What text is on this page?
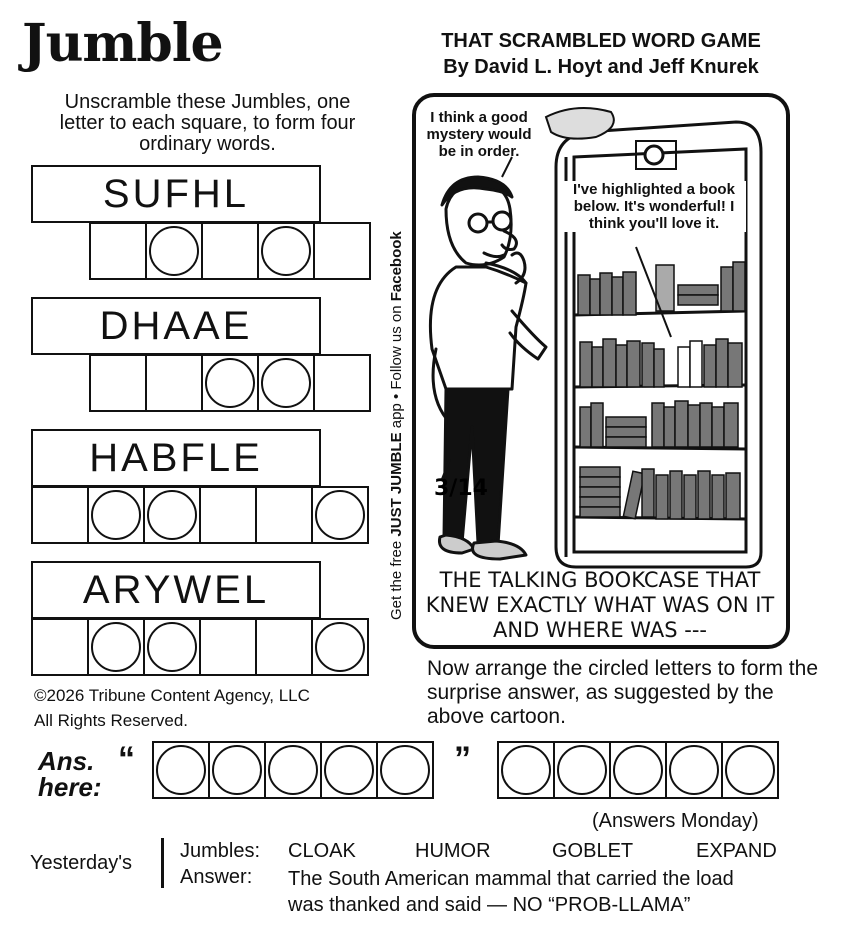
Jumble	THAT SCRAMBLED WORD GAME
By David L. Hoyt and Jeff Knurek
Unscramble these Jumbles, one letter to each square, to form four ordinary words.
SUFHL
DHAAE
HABFLE
ARYWEL	Get the free JUST JUMBLE app • Follow us on Facebook
3/14
I think a good mystery would be in order.
I've highlighted a book below. It's wonderful! I think you'll love it.
THE TALKING BOOKCASE THAT KNEW EXACTLY WHAT WAS ON IT AND WHERE WAS ---
©2026 Tribune Content Agency, LLC
All Rights Reserved.
Now arrange the circled letters to form the surprise answer, as suggested by the above cartoon.
Ans.
here:
“	”
(Answers Monday)
Yesterday's
Jumbles: CLOAK	HUMOR	GOBLET	EXPAND
Answer: The South American mammal that carried the load
was thanked and said — NO “PROB-LLAMA”
